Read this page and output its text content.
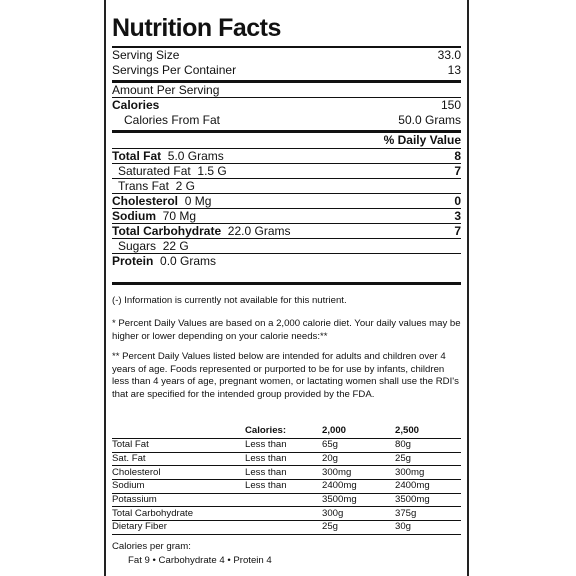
Nutrition Facts
Serving Size	33.0
Servings Per Container	13
Amount Per Serving
Calories	150
Calories From Fat	50.0 Grams
% Daily Value
Total Fat  5.0 Grams	8
Saturated Fat  1.5 G	7
Trans Fat  2 G
Cholesterol  0 Mg	0
Sodium  70 Mg	3
Total Carbohydrate  22.0 Grams	7
Sugars  22 G
Protein  0.0 Grams
(-) Information is currently not available for this nutrient.
* Percent Daily Values are based on a 2,000 calorie diet. Your daily values may be higher or lower depending on your calorie needs:**
** Percent Daily Values listed below are intended for adults and children over 4 years of age. Foods represented or purported to be for use by infants, children less than 4 years of age, pregnant women, or lactating women shall use the RDI's that are specified for the intended group provided by the FDA.
	Calories:	2,000	2,500
Total Fat	Less than	65g	80g
Sat. Fat	Less than	20g	25g
Cholesterol	Less than	300mg	300mg
Sodium	Less than	2400mg	2400mg
Potassium		3500mg	3500mg
Total Carbohydrate		300g	375g
Dietary Fiber		25g	30g
Calories per gram:
Fat 9 • Carbohydrate 4 • Protein 4
